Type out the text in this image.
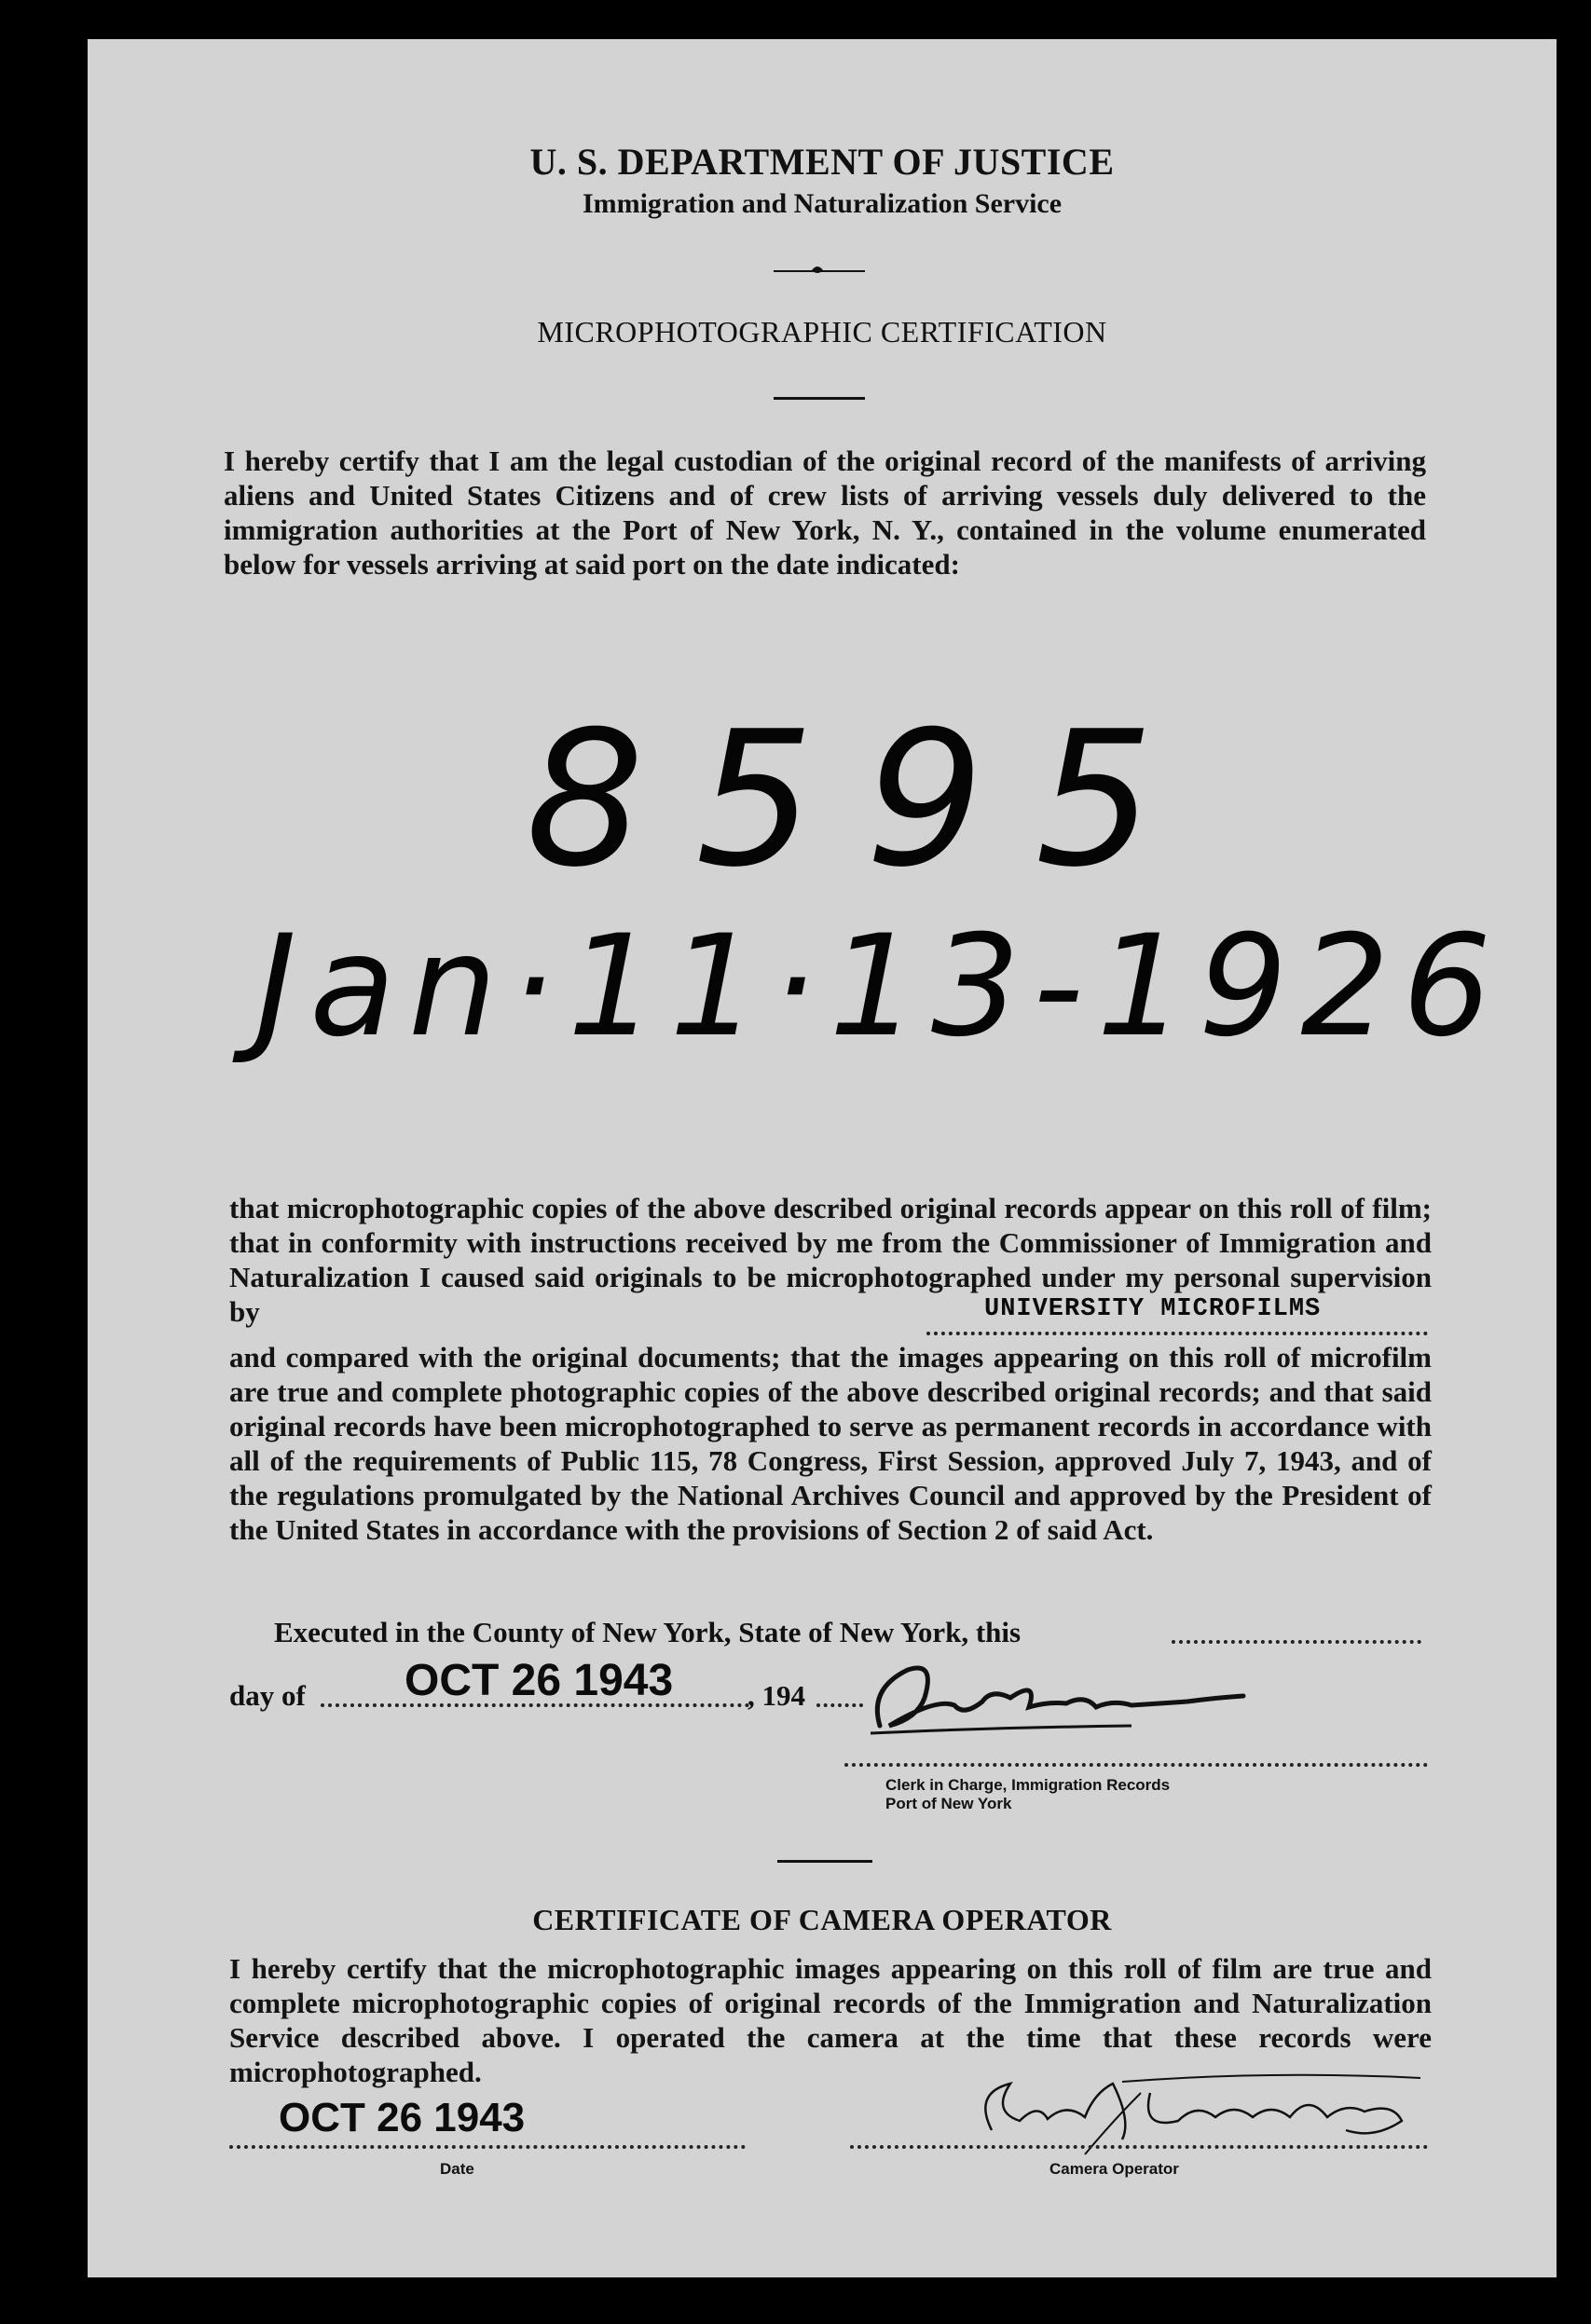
U. S. DEPARTMENT OF JUSTICE
Immigration and Naturalization Service
MICROPHOTOGRAPHIC CERTIFICATION
I hereby certify that I am the legal custodian of the original record of the manifests of arriving aliens and United States Citizens and of crew lists of arriving vessels duly delivered to the immigration authorities at the Port of New York, N. Y., contained in the volume enumerated below for vessels arriving at said port on the date indicated:
8595
Jan·11·13-1926
that microphotographic copies of the above described original records appear on this roll of film; that in conformity with instructions received by me from the Commissioner of Immigration and Naturalization I caused said originals to be microphotographed under my personal supervision by	UNIVERSITY MICROFILMS
and compared with the original documents; that the images appearing on this roll of microfilm are true and complete photographic copies of the above described original records; and that said original records have been microphotographed to serve as permanent records in accordance with all of the requirements of Public 115, 78 Congress, First Session, approved July 7, 1943, and of the regulations promulgated by the National Archives Council and approved by the President of the United States in accordance with the provisions of Section 2 of said Act.
Executed in the County of New York, State of New York, this
day of OCT 26 1943	, 194
Clerk in Charge, Immigration Records
Port of New York
CERTIFICATE OF CAMERA OPERATOR
I hereby certify that the microphotographic images appearing on this roll of film are true and complete microphotographic copies of original records of the Immigration and Naturalization Service described above. I operated the camera at the time that these records were microphotographed.
OCT 26 1943
Date	Camera Operator
